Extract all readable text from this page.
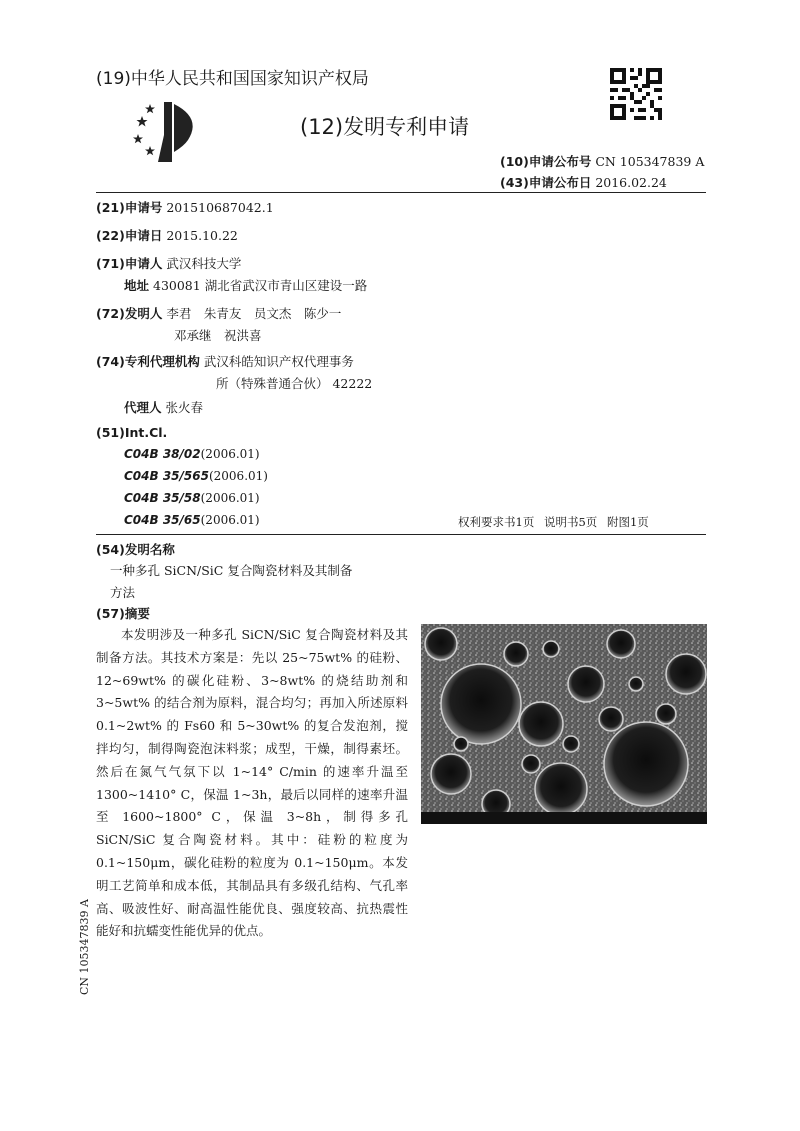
(19)中华人民共和国国家知识产权局
(12)发明专利申请
(10)申请公布号 CN 105347839 A
(43)申请公布日 2016.02.24
(21)申请号 201510687042.1
(22)申请日 2015.10.22
(71)申请人 武汉科技大学
地址 430081 湖北省武汉市青山区建设一路
(72)发明人 李君　朱青友　员文杰　陈少一
邓承继　祝洪喜
(74)专利代理机构 武汉科皓知识产权代理事务
所（特殊普通合伙） 42222
代理人 张火春
(51)Int.Cl.
C04B 38/02(2006.01)
C04B 35/565(2006.01)
C04B 35/58(2006.01)
C04B 35/65(2006.01)	权利要求书1页 说明书5页 附图1页
(54)发明名称
一种多孔 SiCN/SiC 复合陶瓷材料及其制备
方法
(57)摘要
本发明涉及一种多孔 SiCN/SiC 复合陶瓷材料及其制备方法。其技术方案是：先以 25~75wt% 的硅粉、12~69wt% 的碳化硅粉、3~8wt% 的烧结助剂和 3~5wt% 的结合剂为原料，混合均匀；再加入所述原料 0.1~2wt% 的 Fs60 和 5~30wt% 的复合发泡剂，搅拌均匀，制得陶瓷泡沫料浆；成型，干燥，制得素坯。然后在氮气气氛下以 1~14° C/min 的速率升温至 1300~1410° C，保温 1~3h，最后以同样的速率升温至 1600~1800° C，保温 3~8h，制得多孔 SiCN/SiC 复合陶瓷材料。其中：硅粉的粒度为 0.1~150μm，碳化硅粉的粒度为 0.1~150μm。本发明工艺简单和成本低，其制品具有多级孔结构、气孔率高、吸波性好、耐高温性能优良、强度较高、抗热震性能好和抗蠕变性能优异的优点。
CN 105347839 A
